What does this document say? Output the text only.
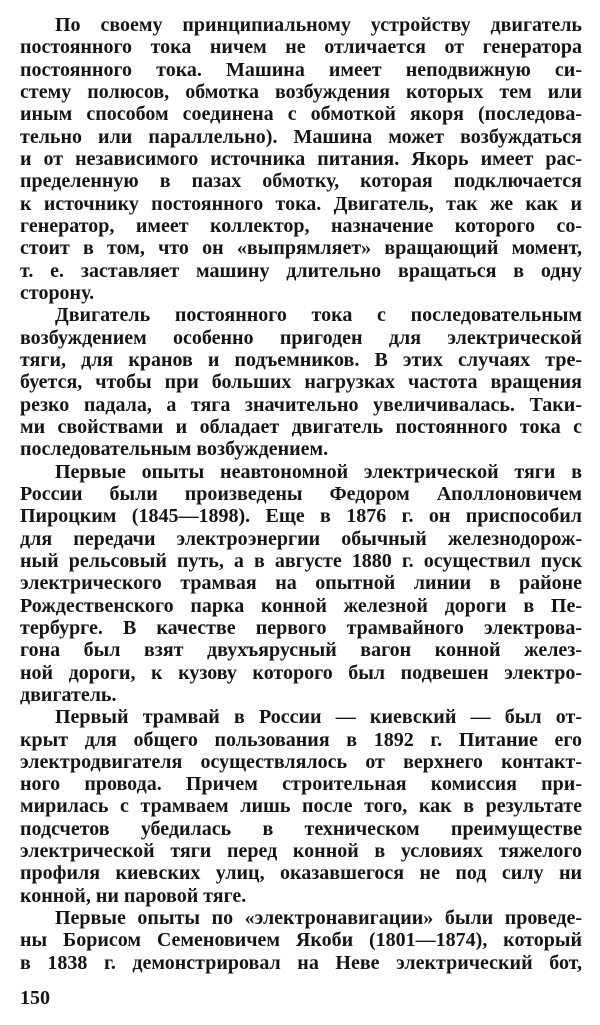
По своему принципиальному устройству двигатель
постоянного тока ничем не отличается от генератора
постоянного тока. Машина имеет неподвижную си-
стему полюсов, обмотка возбуждения которых тем или
иным способом соединена с обмоткой якоря (последова-
тельно или параллельно). Машина может возбуждаться
и от независимого источника питания. Якорь имеет рас-
пределенную в пазах обмотку, которая подключается
к источнику постоянного тока. Двигатель, так же как и
генератор, имеет коллектор, назначение которого со-
стоит в том, что он «выпрямляет» вращающий момент,
т. е. заставляет машину длительно вращаться в одну
сторону.
Двигатель постоянного тока с последовательным
возбуждением особенно пригоден для электрической
тяги, для кранов и подъемников. В этих случаях тре-
буется, чтобы при больших нагрузках частота вращения
резко падала, а тяга значительно увеличивалась. Таки-
ми свойствами и обладает двигатель постоянного тока с
последовательным возбуждением.
Первые опыты неавтономной электрической тяги в
России были произведены Федором Аполлоновичем
Пироцким (1845—1898). Еще в 1876 г. он приспособил
для передачи электроэнергии обычный железнодорож-
ный рельсовый путь, а в августе 1880 г. осуществил пуск
электрического трамвая на опытной линии в районе
Рождественского парка конной железной дороги в Пе-
тербурге. В качестве первого трамвайного электрова-
гона был взят двухъярусный вагон конной желез-
ной дороги, к кузову которого был подвешен электро-
двигатель.
Первый трамвай в России — киевский — был от-
крыт для общего пользования в 1892 г. Питание его
электродвигателя осуществлялось от верхнего контакт-
ного провода. Причем строительная комиссия при-
мирилась с трамваем лишь после того, как в результате
подсчетов убедилась в техническом преимуществе
электрической тяги перед конной в условиях тяжелого
профиля киевских улиц, оказавшегося не под силу ни
конной, ни паровой тяге.
Первые опыты по «электронавигации» были проведе-
ны Борисом Семеновичем Якоби (1801—1874), который
в 1838 г. демонстрировал на Неве электрический бот,
150
